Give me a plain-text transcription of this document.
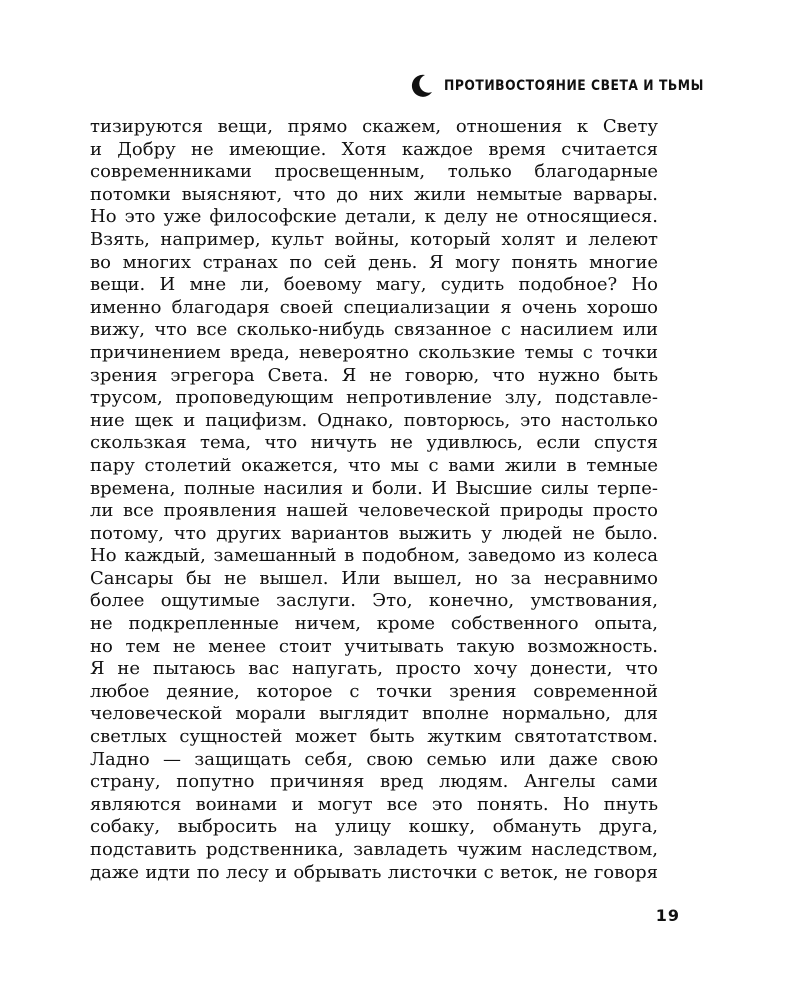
ПРОТИВОСТОЯНИЕ СВЕТА И ТЬМЫ
тизируются вещи, прямо скажем, отношения к Свету
и Добру не имеющие. Хотя каждое время считается
современниками просвещенным, только благодарные
потомки выясняют, что до них жили немытые варвары.
Но это уже философские детали, к делу не относящиеся.
Взять, например, культ войны, который холят и лелеют
во многих странах по сей день. Я могу понять многие
вещи. И мне ли, боевому магу, судить подобное? Но
именно благодаря своей специализации я очень хорошо
вижу, что все сколько-нибудь связанное с насилием или
причинением вреда, невероятно скользкие темы с точки
зрения эгрегора Света. Я не говорю, что нужно быть
трусом, проповедующим непротивление злу, подставле-
ние щек и пацифизм. Однако, повторюсь, это настолько
скользкая тема, что ничуть не удивлюсь, если спустя
пару столетий окажется, что мы с вами жили в темные
времена, полные насилия и боли. И Высшие силы терпе-
ли все проявления нашей человеческой природы просто
потому, что других вариантов выжить у людей не было.
Но каждый, замешанный в подобном, заведомо из колеса
Сансары бы не вышел. Или вышел, но за несравнимо
более ощутимые заслуги. Это, конечно, умствования,
не подкрепленные ничем, кроме собственного опыта,
но тем не менее стоит учитывать такую возможность.
Я не пытаюсь вас напугать, просто хочу донести, что
любое деяние, которое с точки зрения современной
человеческой морали выглядит вполне нормально, для
светлых сущностей может быть жутким святотатством.
Ладно — защищать себя, свою семью или даже свою
страну, попутно причиняя вред людям. Ангелы сами
являются воинами и могут все это понять. Но пнуть
собаку, выбросить на улицу кошку, обмануть друга,
подставить родственника, завладеть чужим наследством,
даже идти по лесу и обрывать листочки с веток, не говоря
19
